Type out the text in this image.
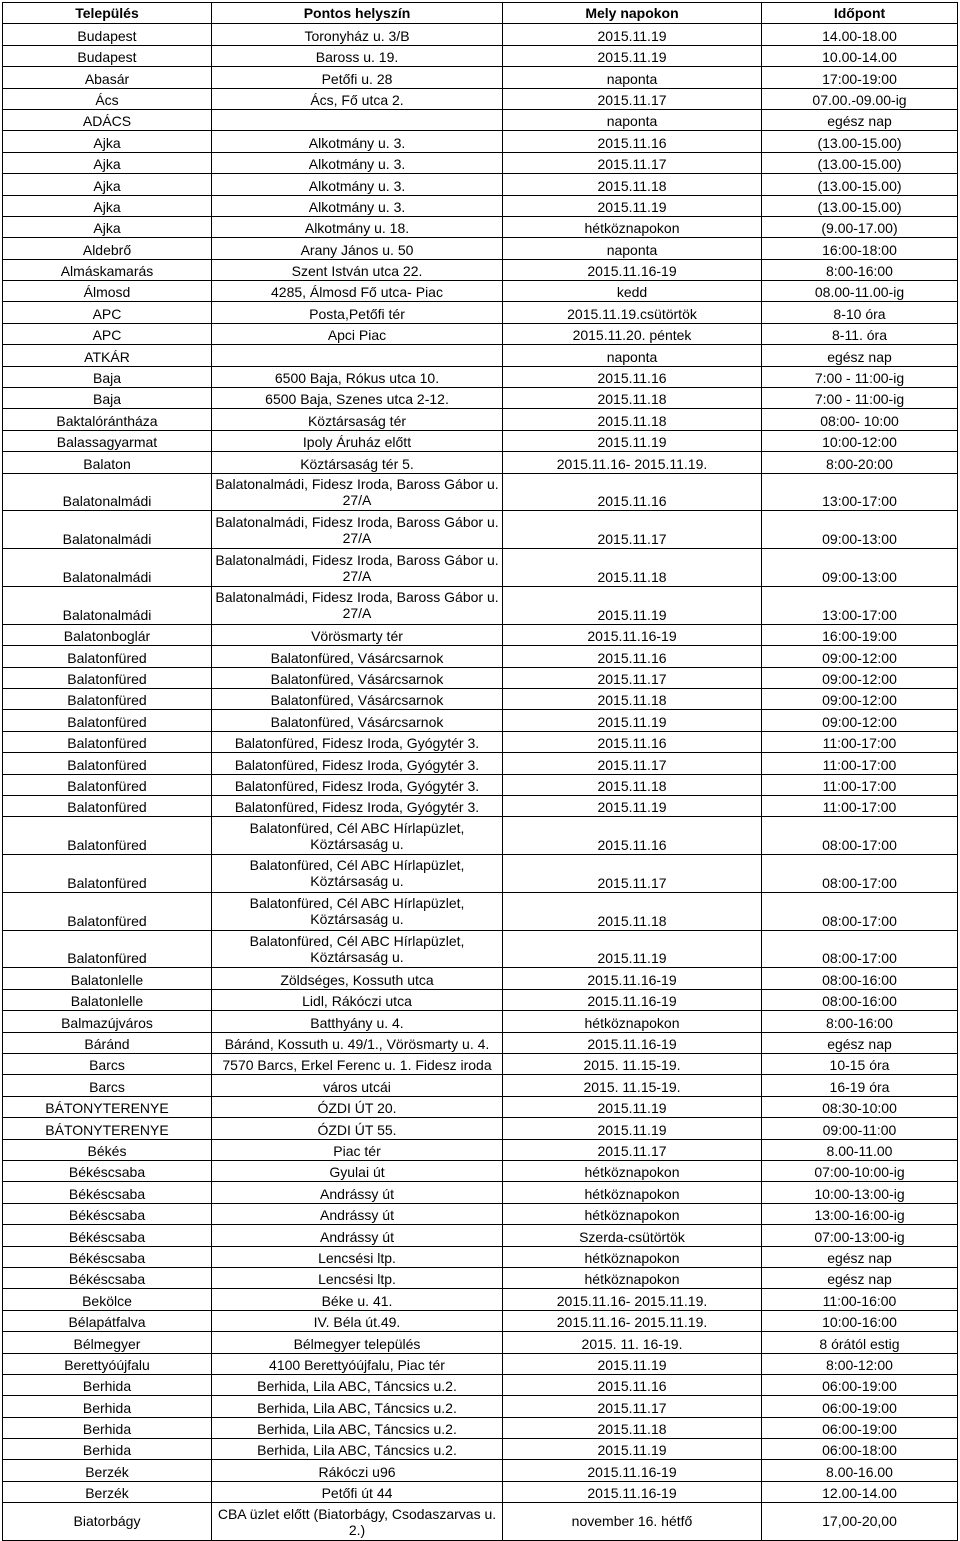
Település	Pontos helyszín	Mely napokon	Időpont
Budapest	Toronyház u. 3/B	2015.11.19	14.00-18.00
Budapest	Baross u. 19.	2015.11.19	10.00-14.00
Abasár	Petőfi u. 28	naponta	17:00-19:00
Ács	Ács, Fő utca 2.	2015.11.17	07.00.-09.00-ig
ADÁCS		naponta	egész nap
Ajka	Alkotmány u. 3.	2015.11.16	(13.00-15.00)
Ajka	Alkotmány u. 3.	2015.11.17	(13.00-15.00)
Ajka	Alkotmány u. 3.	2015.11.18	(13.00-15.00)
Ajka	Alkotmány u. 3.	2015.11.19	(13.00-15.00)
Ajka	Alkotmány u. 18.	hétköznapokon	(9.00-17.00)
Aldebrő	Arany János u. 50	naponta	16:00-18:00
Almáskamarás	Szent István utca 22.	2015.11.16-19	8:00-16:00
Álmosd	4285, Álmosd Fő utca- Piac	kedd	08.00-11.00-ig
APC	Posta,Petőfi tér	2015.11.19.csütörtök	8-10 óra
APC	Apci Piac	2015.11.20. péntek	8-11. óra
ATKÁR		naponta	egész nap
Baja	6500 Baja, Rókus utca 10.	2015.11.16	7:00 - 11:00-ig
Baja	6500 Baja, Szenes utca 2-12.	2015.11.18	7:00 - 11:00-ig
Baktalórántháza	Köztársaság tér	2015.11.18	08:00- 10:00
Balassagyarmat	Ipoly Áruház előtt	2015.11.19	10:00-12:00
Balaton	Köztársaság tér 5.	2015.11.16- 2015.11.19.	8:00-20:00
Balatonalmádi	Balatonalmádi, Fidesz Iroda, Baross Gábor u. 27/A	2015.11.16	13:00-17:00
Balatonalmádi	Balatonalmádi, Fidesz Iroda, Baross Gábor u. 27/A	2015.11.17	09:00-13:00
Balatonalmádi	Balatonalmádi, Fidesz Iroda, Baross Gábor u. 27/A	2015.11.18	09:00-13:00
Balatonalmádi	Balatonalmádi, Fidesz Iroda, Baross Gábor u. 27/A	2015.11.19	13:00-17:00
Balatonboglár	Vörösmarty tér	2015.11.16-19	16:00-19:00
Balatonfüred	Balatonfüred, Vásárcsarnok	2015.11.16	09:00-12:00
Balatonfüred	Balatonfüred, Vásárcsarnok	2015.11.17	09:00-12:00
Balatonfüred	Balatonfüred, Vásárcsarnok	2015.11.18	09:00-12:00
Balatonfüred	Balatonfüred, Vásárcsarnok	2015.11.19	09:00-12:00
Balatonfüred	Balatonfüred, Fidesz Iroda, Gyógytér 3.	2015.11.16	11:00-17:00
Balatonfüred	Balatonfüred, Fidesz Iroda, Gyógytér 3.	2015.11.17	11:00-17:00
Balatonfüred	Balatonfüred, Fidesz Iroda, Gyógytér 3.	2015.11.18	11:00-17:00
Balatonfüred	Balatonfüred, Fidesz Iroda, Gyógytér 3.	2015.11.19	11:00-17:00
Balatonfüred	Balatonfüred, Cél ABC Hírlapüzlet, Köztársaság u.	2015.11.16	08:00-17:00
Balatonfüred	Balatonfüred, Cél ABC Hírlapüzlet, Köztársaság u.	2015.11.17	08:00-17:00
Balatonfüred	Balatonfüred, Cél ABC Hírlapüzlet, Köztársaság u.	2015.11.18	08:00-17:00
Balatonfüred	Balatonfüred, Cél ABC Hírlapüzlet, Köztársaság u.	2015.11.19	08:00-17:00
Balatonlelle	Zöldséges, Kossuth utca	2015.11.16-19	08:00-16:00
Balatonlelle	Lidl, Rákóczi utca	2015.11.16-19	08:00-16:00
Balmazújváros	Batthyány u. 4.	hétköznapokon	8:00-16:00
Báránd	Báránd, Kossuth u. 49/1., Vörösmarty u. 4.	2015.11.16-19	egész nap
Barcs	7570 Barcs, Erkel Ferenc u. 1. Fidesz iroda	2015. 11.15-19.	10-15 óra
Barcs	város utcái	2015. 11.15-19.	16-19 óra
BÁTONYTERENYE	ÓZDI ÚT 20.	2015.11.19	08:30-10:00
BÁTONYTERENYE	ÓZDI ÚT 55.	2015.11.19	09:00-11:00
Békés	Piac tér	2015.11.17	8.00-11.00
Békéscsaba	Gyulai út	hétköznapokon	07:00-10:00-ig
Békéscsaba	Andrássy út	hétköznapokon	10:00-13:00-ig
Békéscsaba	Andrássy út	hétköznapokon	13:00-16:00-ig
Békéscsaba	Andrássy út	Szerda-csütörtök	07:00-13:00-ig
Békéscsaba	Lencsési ltp.	hétköznapokon	egész nap
Békéscsaba	Lencsési ltp.	hétköznapokon	egész nap
Bekölce	Béke u. 41.	2015.11.16- 2015.11.19.	11:00-16:00
Bélapátfalva	IV. Béla út.49.	2015.11.16- 2015.11.19.	10:00-16:00
Bélmegyer	Bélmegyer település	2015. 11. 16-19.	8 órától estig
Berettyóújfalu	4100 Berettyóújfalu, Piac tér	2015.11.19	8:00-12:00
Berhida	Berhida, Lila ABC, Táncsics u.2.	2015.11.16	06:00-19:00
Berhida	Berhida, Lila ABC, Táncsics u.2.	2015.11.17	06:00-19:00
Berhida	Berhida, Lila ABC, Táncsics u.2.	2015.11.18	06:00-19:00
Berhida	Berhida, Lila ABC, Táncsics u.2.	2015.11.19	06:00-18:00
Berzék	Rákóczi u96	2015.11.16-19	8.00-16.00
Berzék	Petőfi út 44	2015.11.16-19	12.00-14.00
Biatorbágy	CBA üzlet előtt (Biatorbágy, Csodaszarvas u. 2.)	november 16. hétfő	17,00-20,00
